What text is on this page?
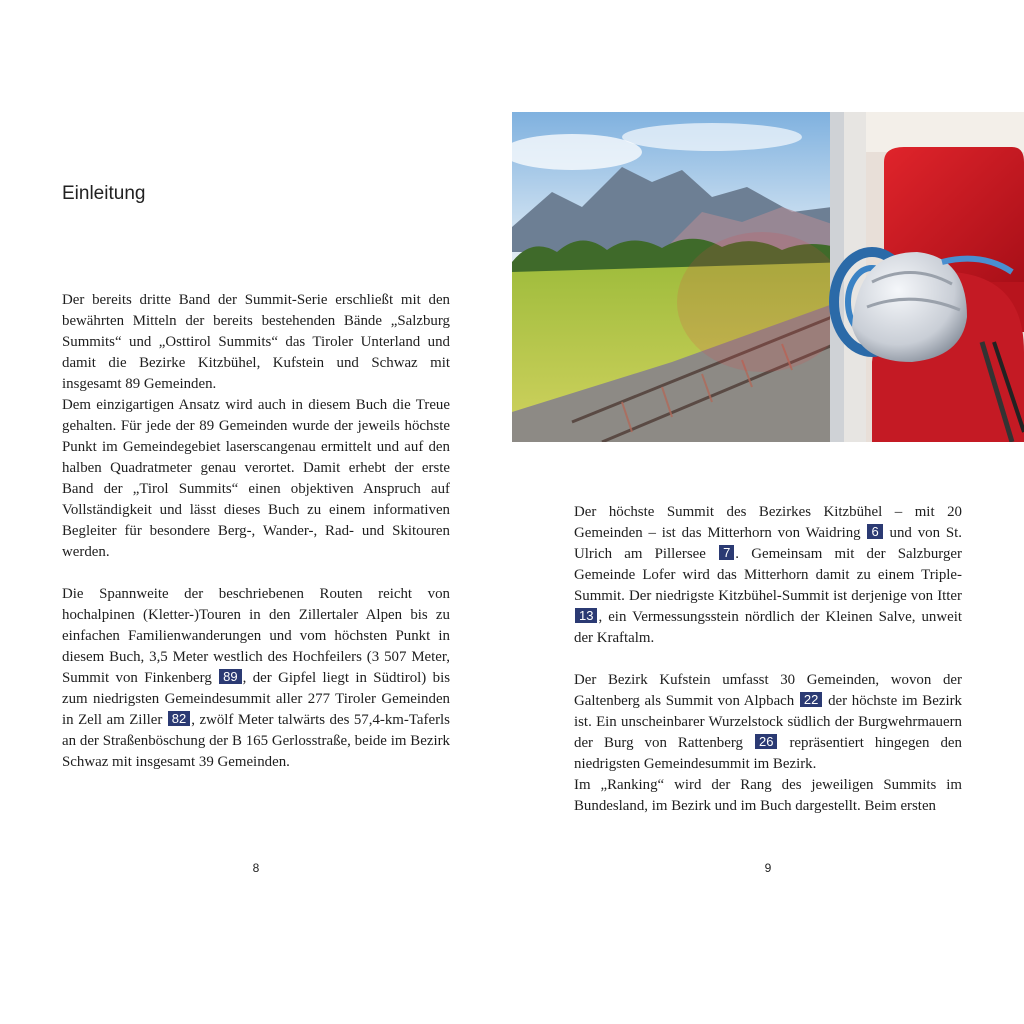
Einleitung

Der bereits dritte Band der Summit-Serie erschließt mit den bewährten Mitteln der bereits bestehenden Bände „Salzburg Summits“ und „Osttirol Summits“ das Tiroler Unterland und damit die Bezirke Kitzbühel, Kufstein und Schwaz mit insgesamt 89 Gemeinden.

Dem einzigartigen Ansatz wird auch in diesem Buch die Treue gehalten. Für jede der 89 Gemeinden wurde der jeweils höchste Punkt im Gemeindegebiet laserscangenau ermittelt und auf den halben Quadratmeter genau verortet. Damit erhebt der erste Band der „Tirol Summits“ einen objektiven Anspruch auf Vollständigkeit und lässt dieses Buch zu einem informativen Begleiter für besondere Berg-, Wander-, Rad- und Skitouren werden.

Die Spannweite der beschriebenen Routen reicht von hochalpinen (Kletter-)Touren in den Zillertaler Alpen bis zu einfachen Familienwanderungen und vom höchsten Punkt in diesem Buch, 3,5 Meter westlich des Hochfeilers (3 507 Meter, Summit von Finkenberg 89 , der Gipfel liegt in Südtirol) bis zum niedrigsten Gemeindesummit aller 277 Tiroler Gemeinden in Zell am Ziller 82 , zwölf Meter talwärts des 57,4-km-Taferls an der Straßenböschung der B 165 Gerlosstraße, beide im Bezirk Schwaz mit insgesamt 39 Gemeinden.

8

Der höchste Summit des Bezirkes Kitzbühel – mit 20 Gemeinden – ist das Mitterhorn von Waidring 6 und von St. Ulrich am Pillersee 7 . Gemeinsam mit der Salzburger Gemeinde Lofer wird das Mitterhorn damit zu einem Triple-Summit. Der niedrigste Kitzbühel-Summit ist derjenige von Itter 13 , ein Vermessungsstein nördlich der Kleinen Salve, unweit der Kraftalm.

Der Bezirk Kufstein umfasst 30 Gemeinden, wovon der Galtenberg als Summit von Alpbach 22 der höchste im Bezirk ist. Ein unscheinbarer Wurzelstock südlich der Burgwehrmauern der Burg von Rattenberg 26 repräsentiert hingegen den niedrigsten Gemeindesummit im Bezirk.

Im „Ranking“ wird der Rang des jeweiligen Summits im Bundesland, im Bezirk und im Buch dargestellt. Beim ersten

9
